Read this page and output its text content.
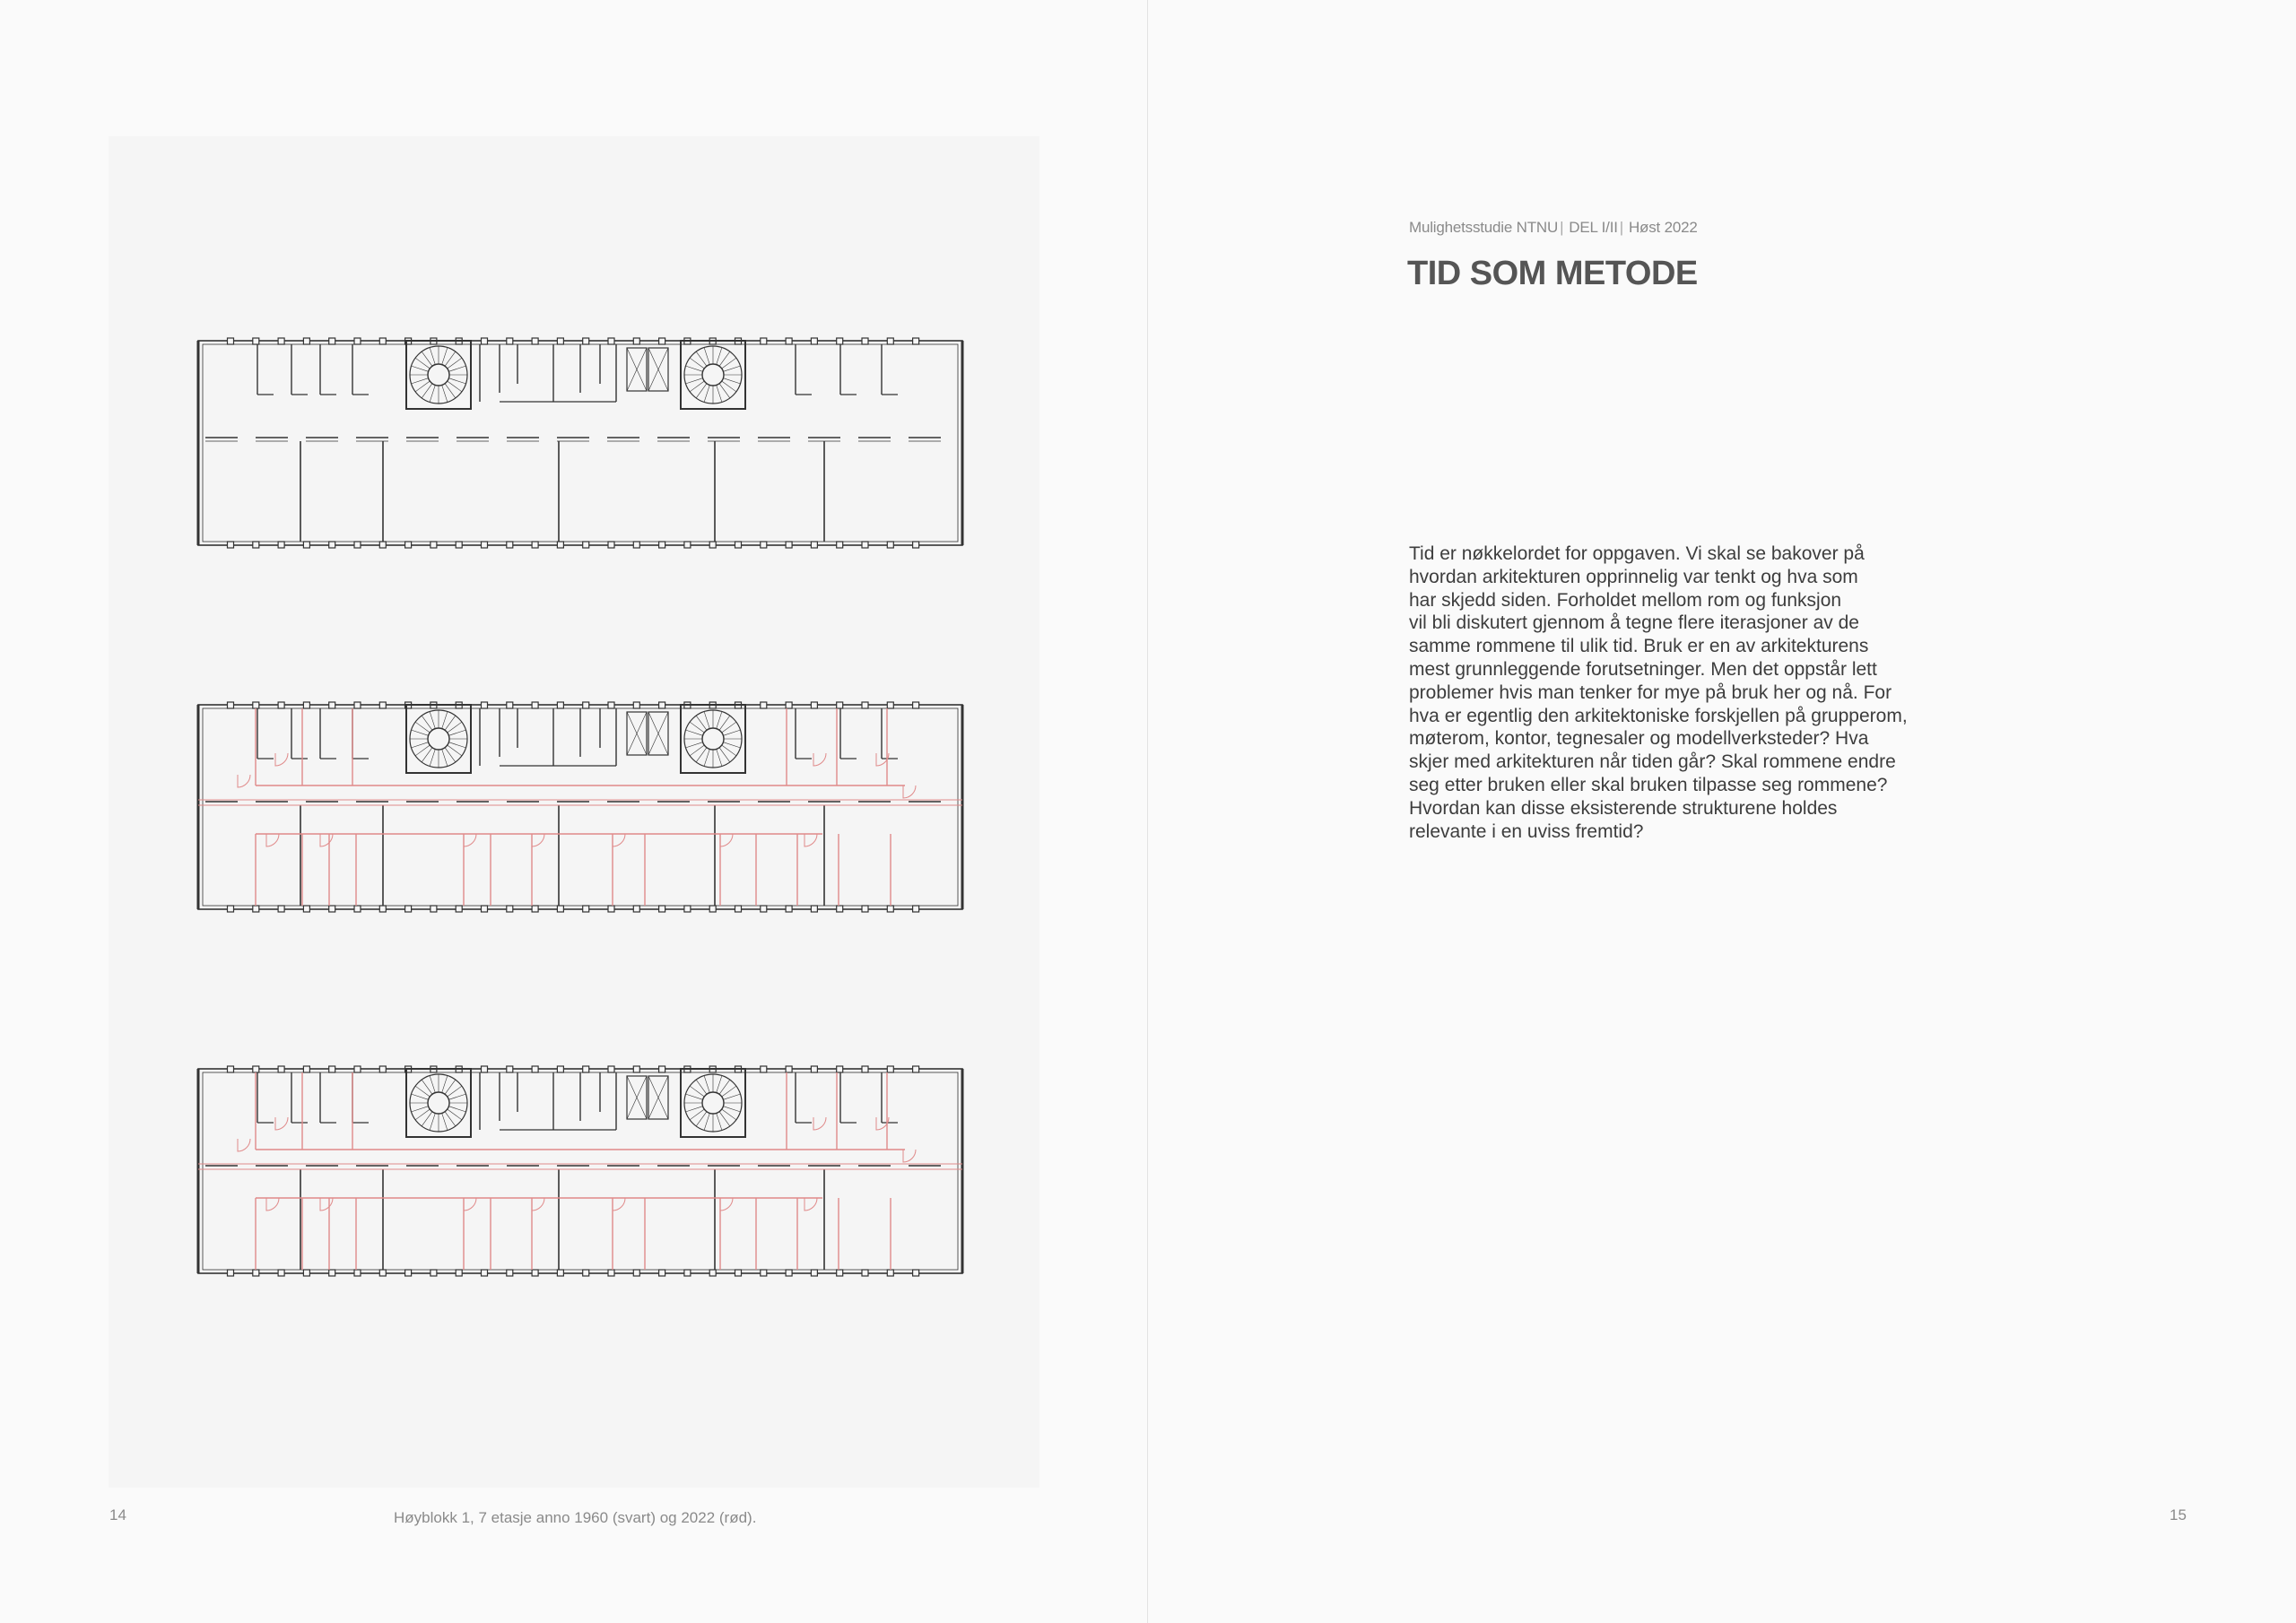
14	Høyblokk 1, 7 etasje anno 1960 (svart) og 2022 (rød).
Mulighetsstudie NTNU | DEL I/II | Høst 2022
TID SOM METODE
Tid er nøkkelordet for oppgaven. Vi skal se bakover på
hvordan arkitekturen opprinnelig var tenkt og hva som
har skjedd siden. Forholdet mellom rom og funksjon
vil bli diskutert gjennom å tegne flere iterasjoner av de
samme rommene til ulik tid. Bruk er en av arkitekturens
mest grunnleggende forutsetninger. Men det oppstår lett
problemer hvis man tenker for mye på bruk her og nå. For
hva er egentlig den arkitektoniske forskjellen på grupperom,
møterom, kontor, tegnesaler og modellverksteder? Hva
skjer med arkitekturen når tiden går? Skal rommene endre
seg etter bruken eller skal bruken tilpasse seg rommene?
Hvordan kan disse eksisterende strukturene holdes
relevante i en uviss fremtid?
15
